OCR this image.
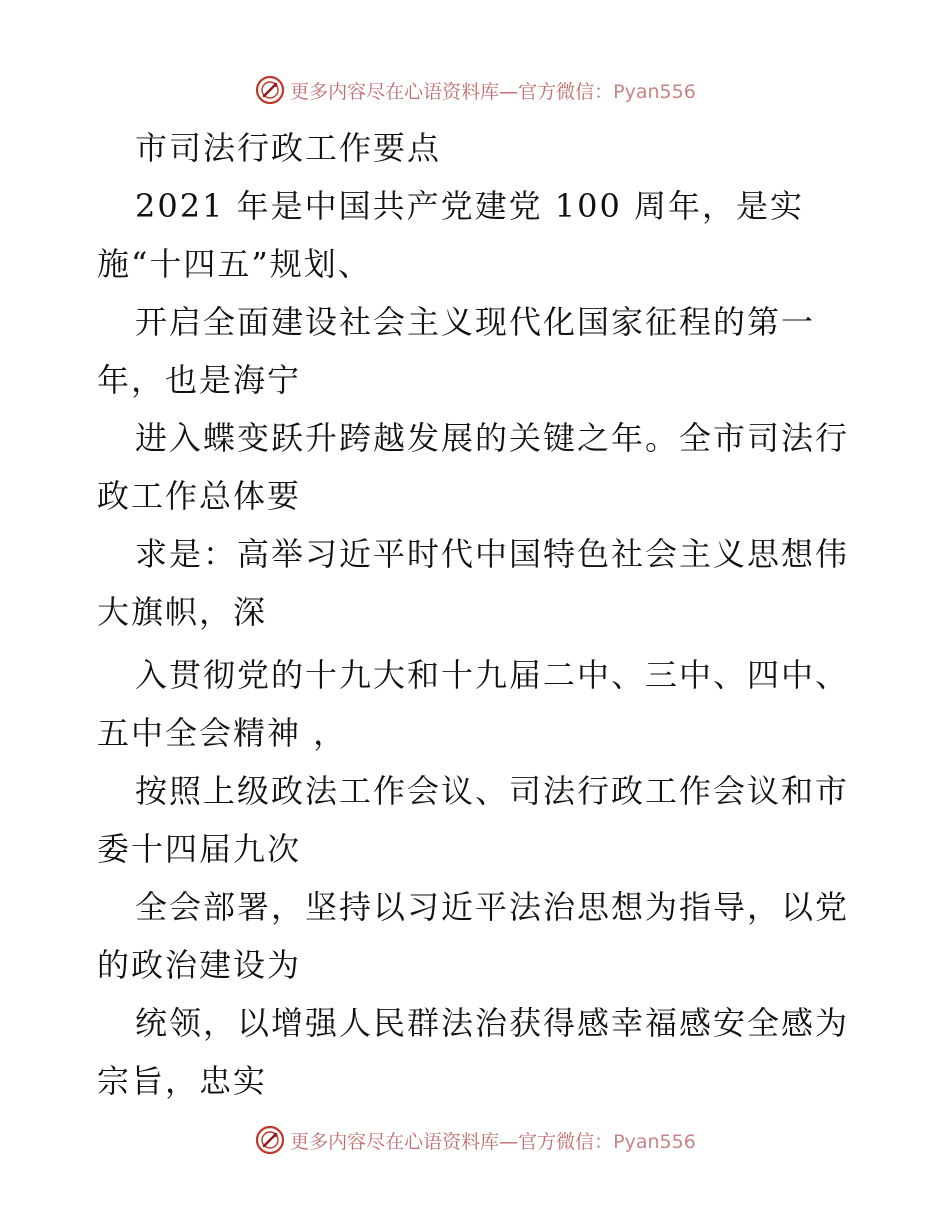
更多内容尽在心语资料库—官方微信：Pyan556
市司法行政工作要点
2021 年是中国共产党建党 100 周年，是实
施“十四五”规划、
开启全面建设社会主义现代化国家征程的第一
年，也是海宁
进入蝶变跃升跨越发展的关键之年。全市司法行
政工作总体要
求是：高举习近平时代中国特色社会主义思想伟
大旗帜，深
入贯彻党的十九大和十九届二中、三中、四中、
五中全会精神 ，
按照上级政法工作会议、司法行政工作会议和市
委十四届九次
全会部署，坚持以习近平法治思想为指导，以党
的政治建设为
统领，以增强人民群法治获得感幸福感安全感为
宗旨，忠实
更多内容尽在心语资料库—官方微信：Pyan556
